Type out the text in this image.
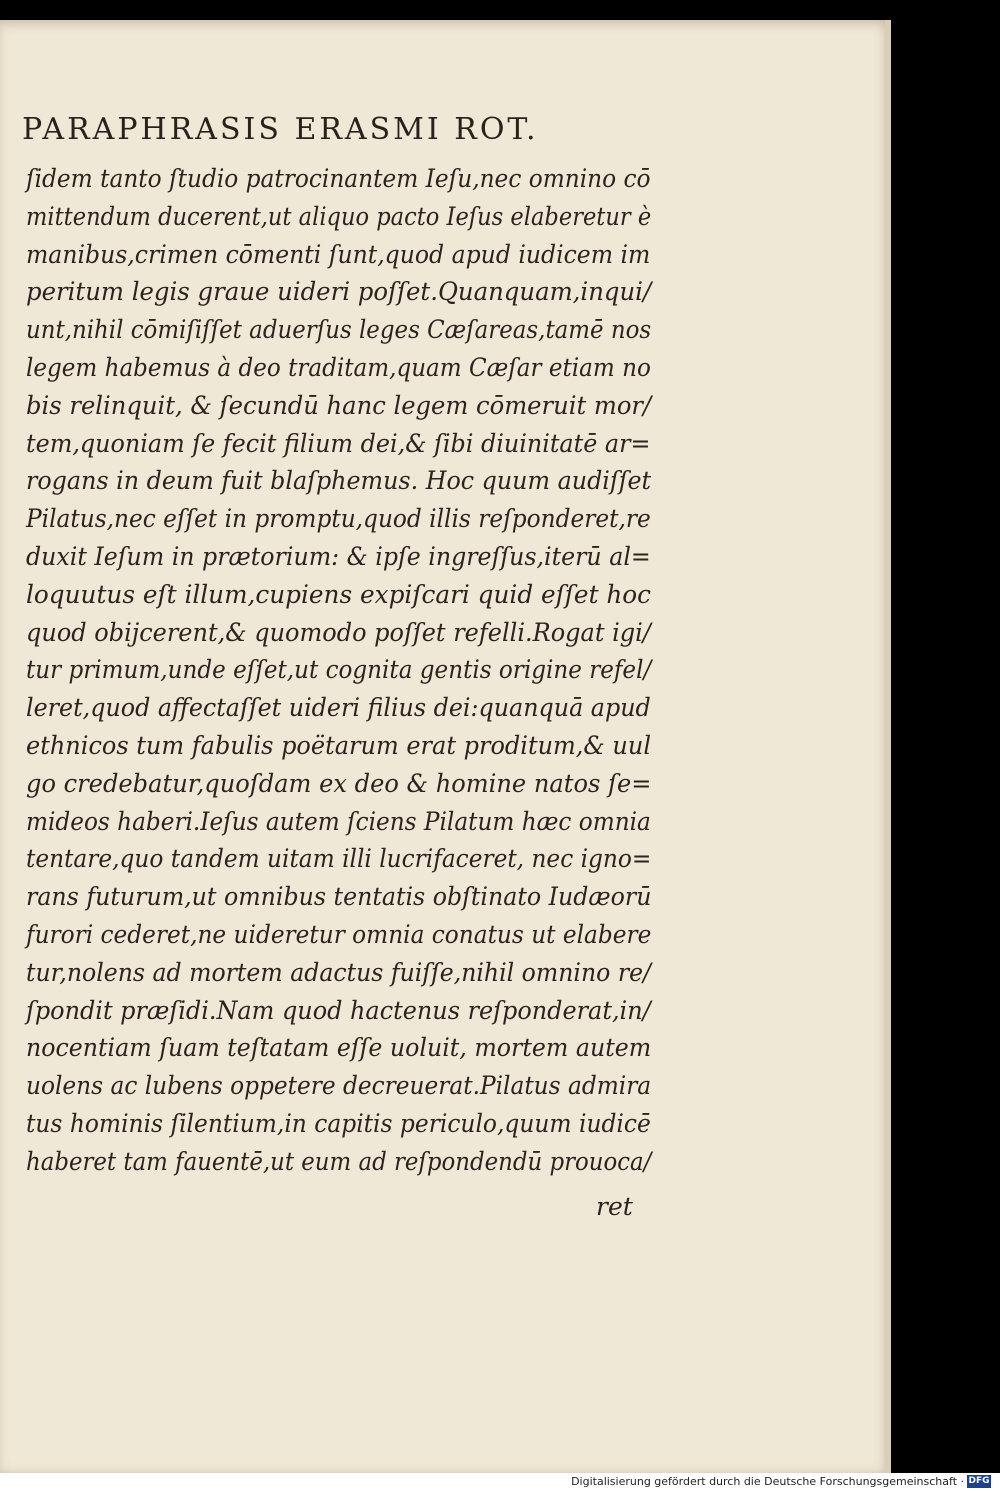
PARAPHRASIS ERASMI ROT.
ſidem tanto ſtudio patrocinantem Ieſu,nec omnino cō
mittendum ducerent,ut aliquo pacto Ieſus elaberetur è
manibus,crimen cōmenti ſunt,quod apud iudicem im
peritum legis graue uideri poſſet.Quanquam,inqui/
unt,nihil cōmiſiſſet aduerſus leges Cæſareas,tamē nos
legem habemus à deo traditam,quam Cæſar etiam no
bis relinquit, & ſecundū hanc legem cōmeruit mor/
tem,quoniam ſe fecit filium dei,& ſibi diuinitatē ar=
rogans in deum fuit blaſphemus. Hoc quum audiſſet
Pilatus,nec eſſet in promptu,quod illis reſponderet,re
duxit Ieſum in prætorium: & ipſe ingreſſus,iterū al=
loquutus eſt illum,cupiens expiſcari quid eſſet hoc
quod obijcerent,& quomodo poſſet refelli.Rogat igi/
tur primum,unde eſſet,ut cognita gentis origine refel/
leret,quod affectaſſet uideri filius dei:quanquā apud
ethnicos tum fabulis poëtarum erat proditum,& uul
go credebatur,quoſdam ex deo & homine natos ſe=
mideos haberi.Ieſus autem ſciens Pilatum hæc omnia
tentare,quo tandem uitam illi lucrifaceret, nec igno=
rans futurum,ut omnibus tentatis obſtinato Iudæorū
furori cederet,ne uideretur omnia conatus ut elabere
tur,nolens ad mortem adactus fuiſſe,nihil omnino re/
ſpondit præſidi.Nam quod hactenus reſponderat,in/
nocentiam ſuam teſtatam eſſe uoluit, mortem autem
uolens ac lubens oppetere decreuerat.Pilatus admira
tus hominis ſilentium,in capitis periculo,quum iudicē
haberet tam fauentē,ut eum ad reſpondendū prouoca/
ret
Digitalisierung gefördert durch die Deutsche Forschungsgemeinschaft · DFG
